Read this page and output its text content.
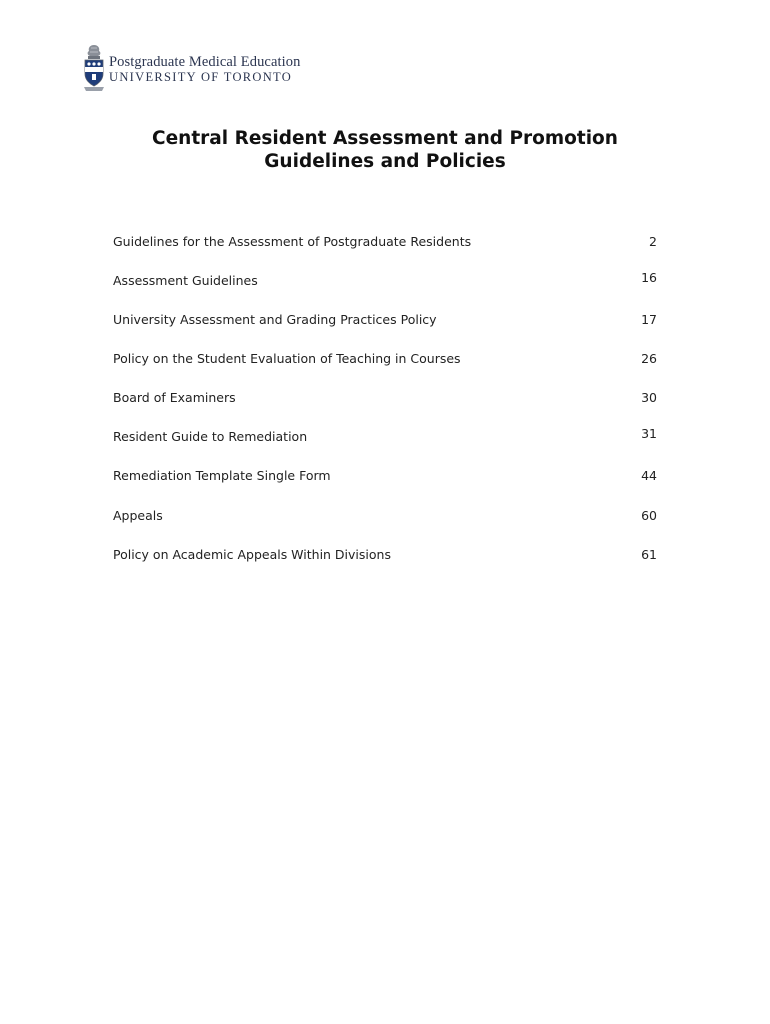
Postgraduate Medical Education
UNIVERSITY OF TORONTO
Central Resident Assessment and Promotion
Guidelines and Policies
Guidelines for the Assessment of Postgraduate Residents	2
Assessment Guidelines	16
University Assessment and Grading Practices Policy	17
Policy on the Student Evaluation of Teaching in Courses	26
Board of Examiners	30
Resident Guide to Remediation	31
Remediation Template Single Form	44
Appeals	60
Policy on Academic Appeals Within Divisions	61
